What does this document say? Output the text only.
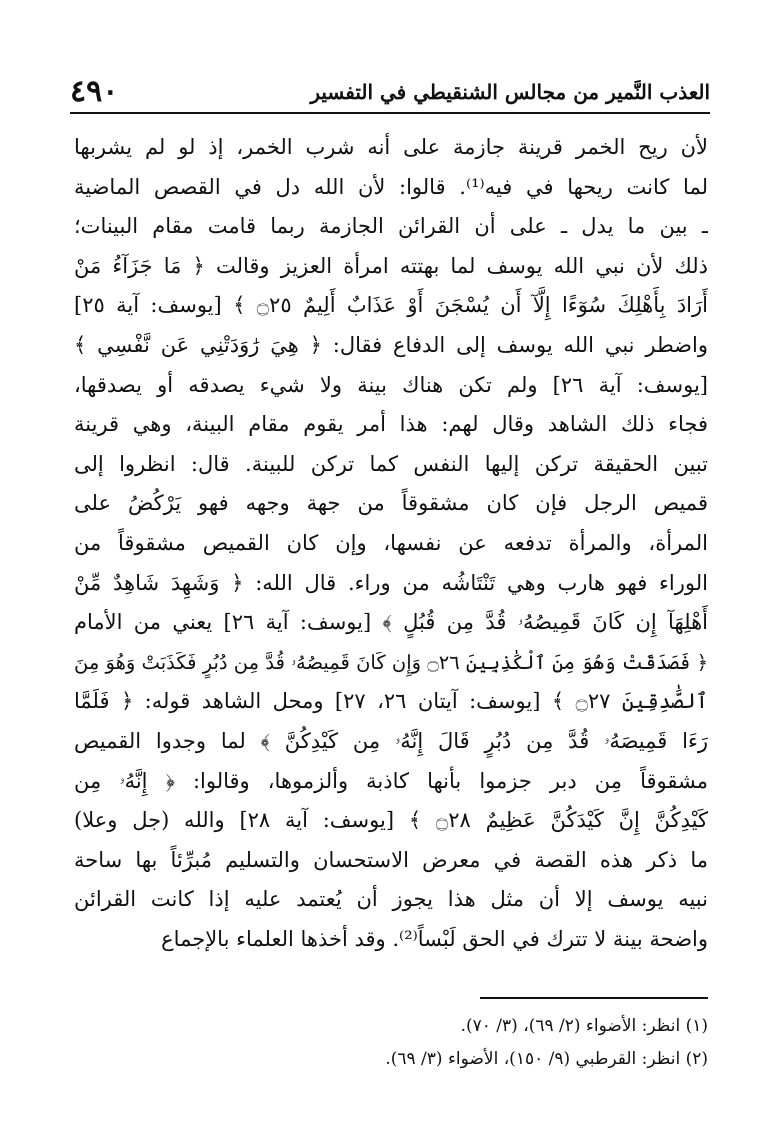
٤٩٠	العذب النَّمير من مجالس الشنقيطي في التفسير
لأن ريح الخمر قرينة جازمة على أنه شرب الخمر، إذ لو لم يشربها
لما كانت ريحها في فيه⁽¹⁾. قالوا: لأن الله دل في القصص الماضية
ـ بين ما يدل ـ على أن القرائن الجازمة ربما قامت مقام البينات؛
ذلك لأن نبي الله يوسف لما بهتته امرأة العزيز وقالت ﴿ مَا جَزَآءُ مَنْ
أَرَادَ بِأَهْلِكَ سُوٓءًا إِلَّآ أَن يُسْجَنَ أَوْ عَذَابٌ أَلِيمٌ ۝٢٥ ﴾ [يوسف: آية ٢٥]
واضطر نبي الله يوسف إلى الدفاع فقال: ﴿ هِيَ رَٰوَدَتْنِي عَن نَّفْسِي ﴾
[يوسف: آية ٢٦] ولم تكن هناك بينة ولا شيء يصدقه أو يصدقها،
فجاء ذلك الشاهد وقال لهم: هذا أمر يقوم مقام البينة، وهي قرينة
تبين الحقيقة تركن إليها النفس كما تركن للبينة. قال: انظروا إلى
قميص الرجل فإن كان مشقوقاً من جهة وجهه فهو يَرْكُضُ على
المرأة، والمرأة تدفعه عن نفسها، وإن كان القميص مشقوقاً من
الوراء فهو هارب وهي تَنْتَاشُه من وراء. قال الله: ﴿ وَشَهِدَ شَاهِدٌ مِّنْ
أَهْلِهَآ إِن كَانَ قَمِيصُهُۥ قُدَّ مِن قُبُلٍ ﴾ [يوسف: آية ٢٦] يعني من الأمام
﴿ فَصَدَقَتْ وَهُوَ مِنَ ٱلْكَٰذِبِينَ ۝٢٦ وَإِن كَانَ قَمِيصُهُۥ قُدَّ مِن دُبُرٍ فَكَذَبَتْ وَهُوَ مِنَ
ٱلصَّٰدِقِينَ ۝٢٧ ﴾ [يوسف: آيتان ٢٦، ٢٧] ومحل الشاهد قوله: ﴿ فَلَمَّا
رَءَا قَمِيصَهُۥ قُدَّ مِن دُبُرٍ قَالَ إِنَّهُۥ مِن كَيْدِكُنَّ ﴾ لما وجدوا القميص
مشقوقاً مِن دبر جزموا بأنها كاذبة وألزموها، وقالوا: ﴿ إِنَّهُۥ مِن
كَيْدِكُنَّ إِنَّ كَيْدَكُنَّ عَظِيمٌ ۝٢٨ ﴾ [يوسف: آية ٢٨] والله (جل وعلا)
ما ذكر هذه القصة في معرض الاستحسان والتسليم مُبرِّئاً بها ساحة
نبيه يوسف إلا أن مثل هذا يجوز أن يُعتمد عليه إذا كانت القرائن
واضحة بينة لا تترك في الحق لَبْساً⁽²⁾. وقد أخذها العلماء بالإجماع
(١) انظر: الأضواء (٢/ ٦٩)، (٣/ ٧٠).
(٢) انظر: القرطبي (٩/ ١٥٠)، الأضواء (٣/ ٦٩).
